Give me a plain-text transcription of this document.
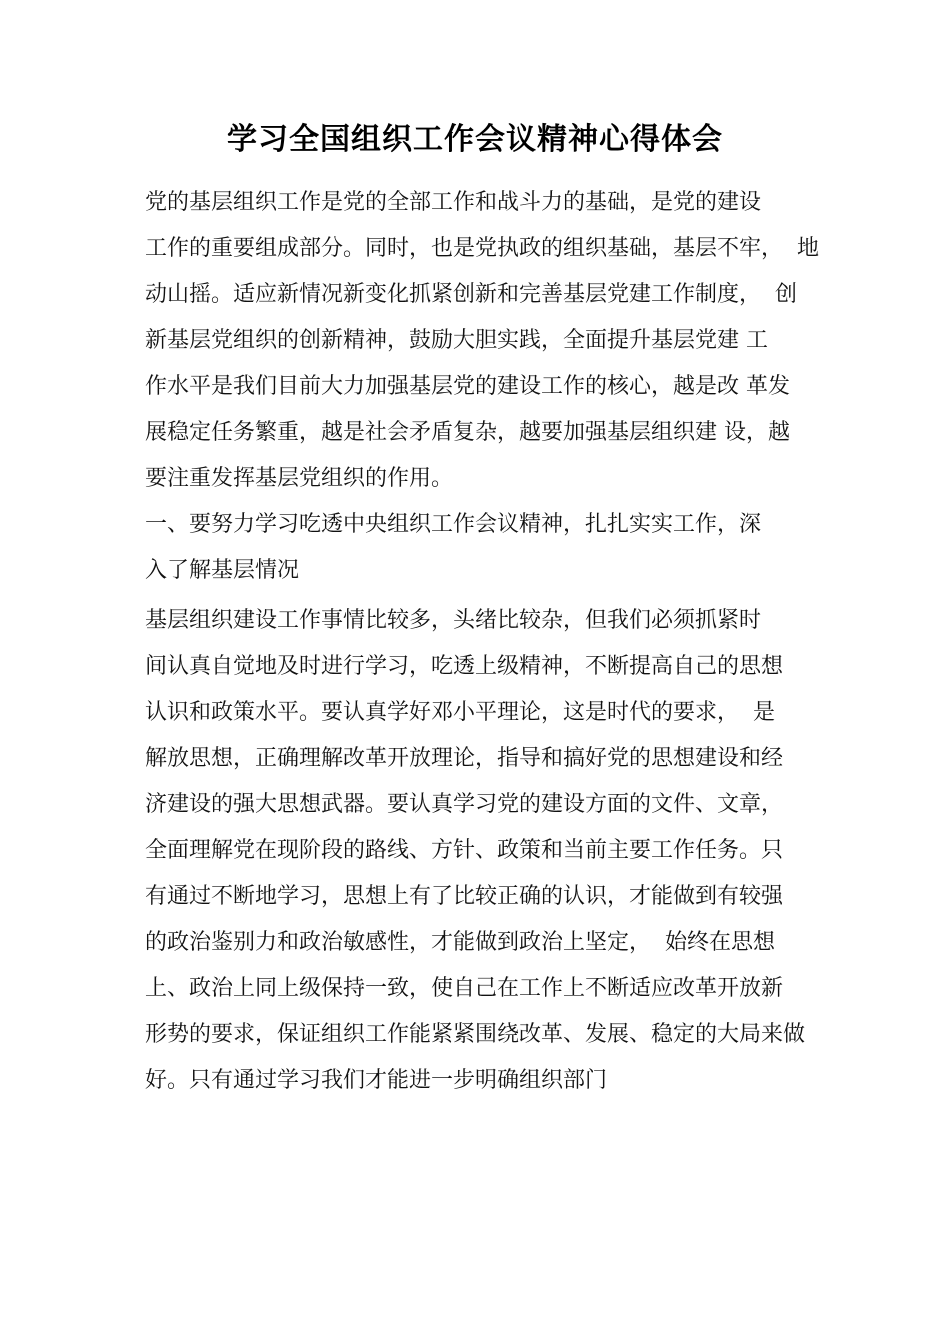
学习全国组织工作会议精神心得体会
党的基层组织工作是党的全部工作和战斗力的基础，是党的建设
工作的重要组成部分。同时，也是党执政的组织基础，基层不牢，  地
动山摇。适应新情况新变化抓紧创新和完善基层党建工作制度，  创
新基层党组织的创新精神，鼓励大胆实践，全面提升基层党建 工
作水平是我们目前大力加强基层党的建设工作的核心，越是改 革发
展稳定任务繁重，越是社会矛盾复杂，越要加强基层组织建 设，越
要注重发挥基层党组织的作用。
一、要努力学习吃透中央组织工作会议精神，扎扎实实工作，深
入了解基层情况
基层组织建设工作事情比较多，头绪比较杂，但我们必须抓紧时
间认真自觉地及时进行学习，吃透上级精神，不断提高自己的思想
认识和政策水平。要认真学好邓小平理论，这是时代的要求，  是
解放思想，正确理解改革开放理论，指导和搞好党的思想建设和经
济建设的强大思想武器。要认真学习党的建设方面的文件、文章，
全面理解党在现阶段的路线、方针、政策和当前主要工作任务。只
有通过不断地学习，思想上有了比较正确的认识，才能做到有较强
的政治鉴别力和政治敏感性，才能做到政治上坚定，  始终在思想
上、政治上同上级保持一致，使自己在工作上不断适应改革开放新
形势的要求，保证组织工作能紧紧围绕改革、发展、稳定的大局来做
好。只有通过学习我们才能进一步明确组织部门
